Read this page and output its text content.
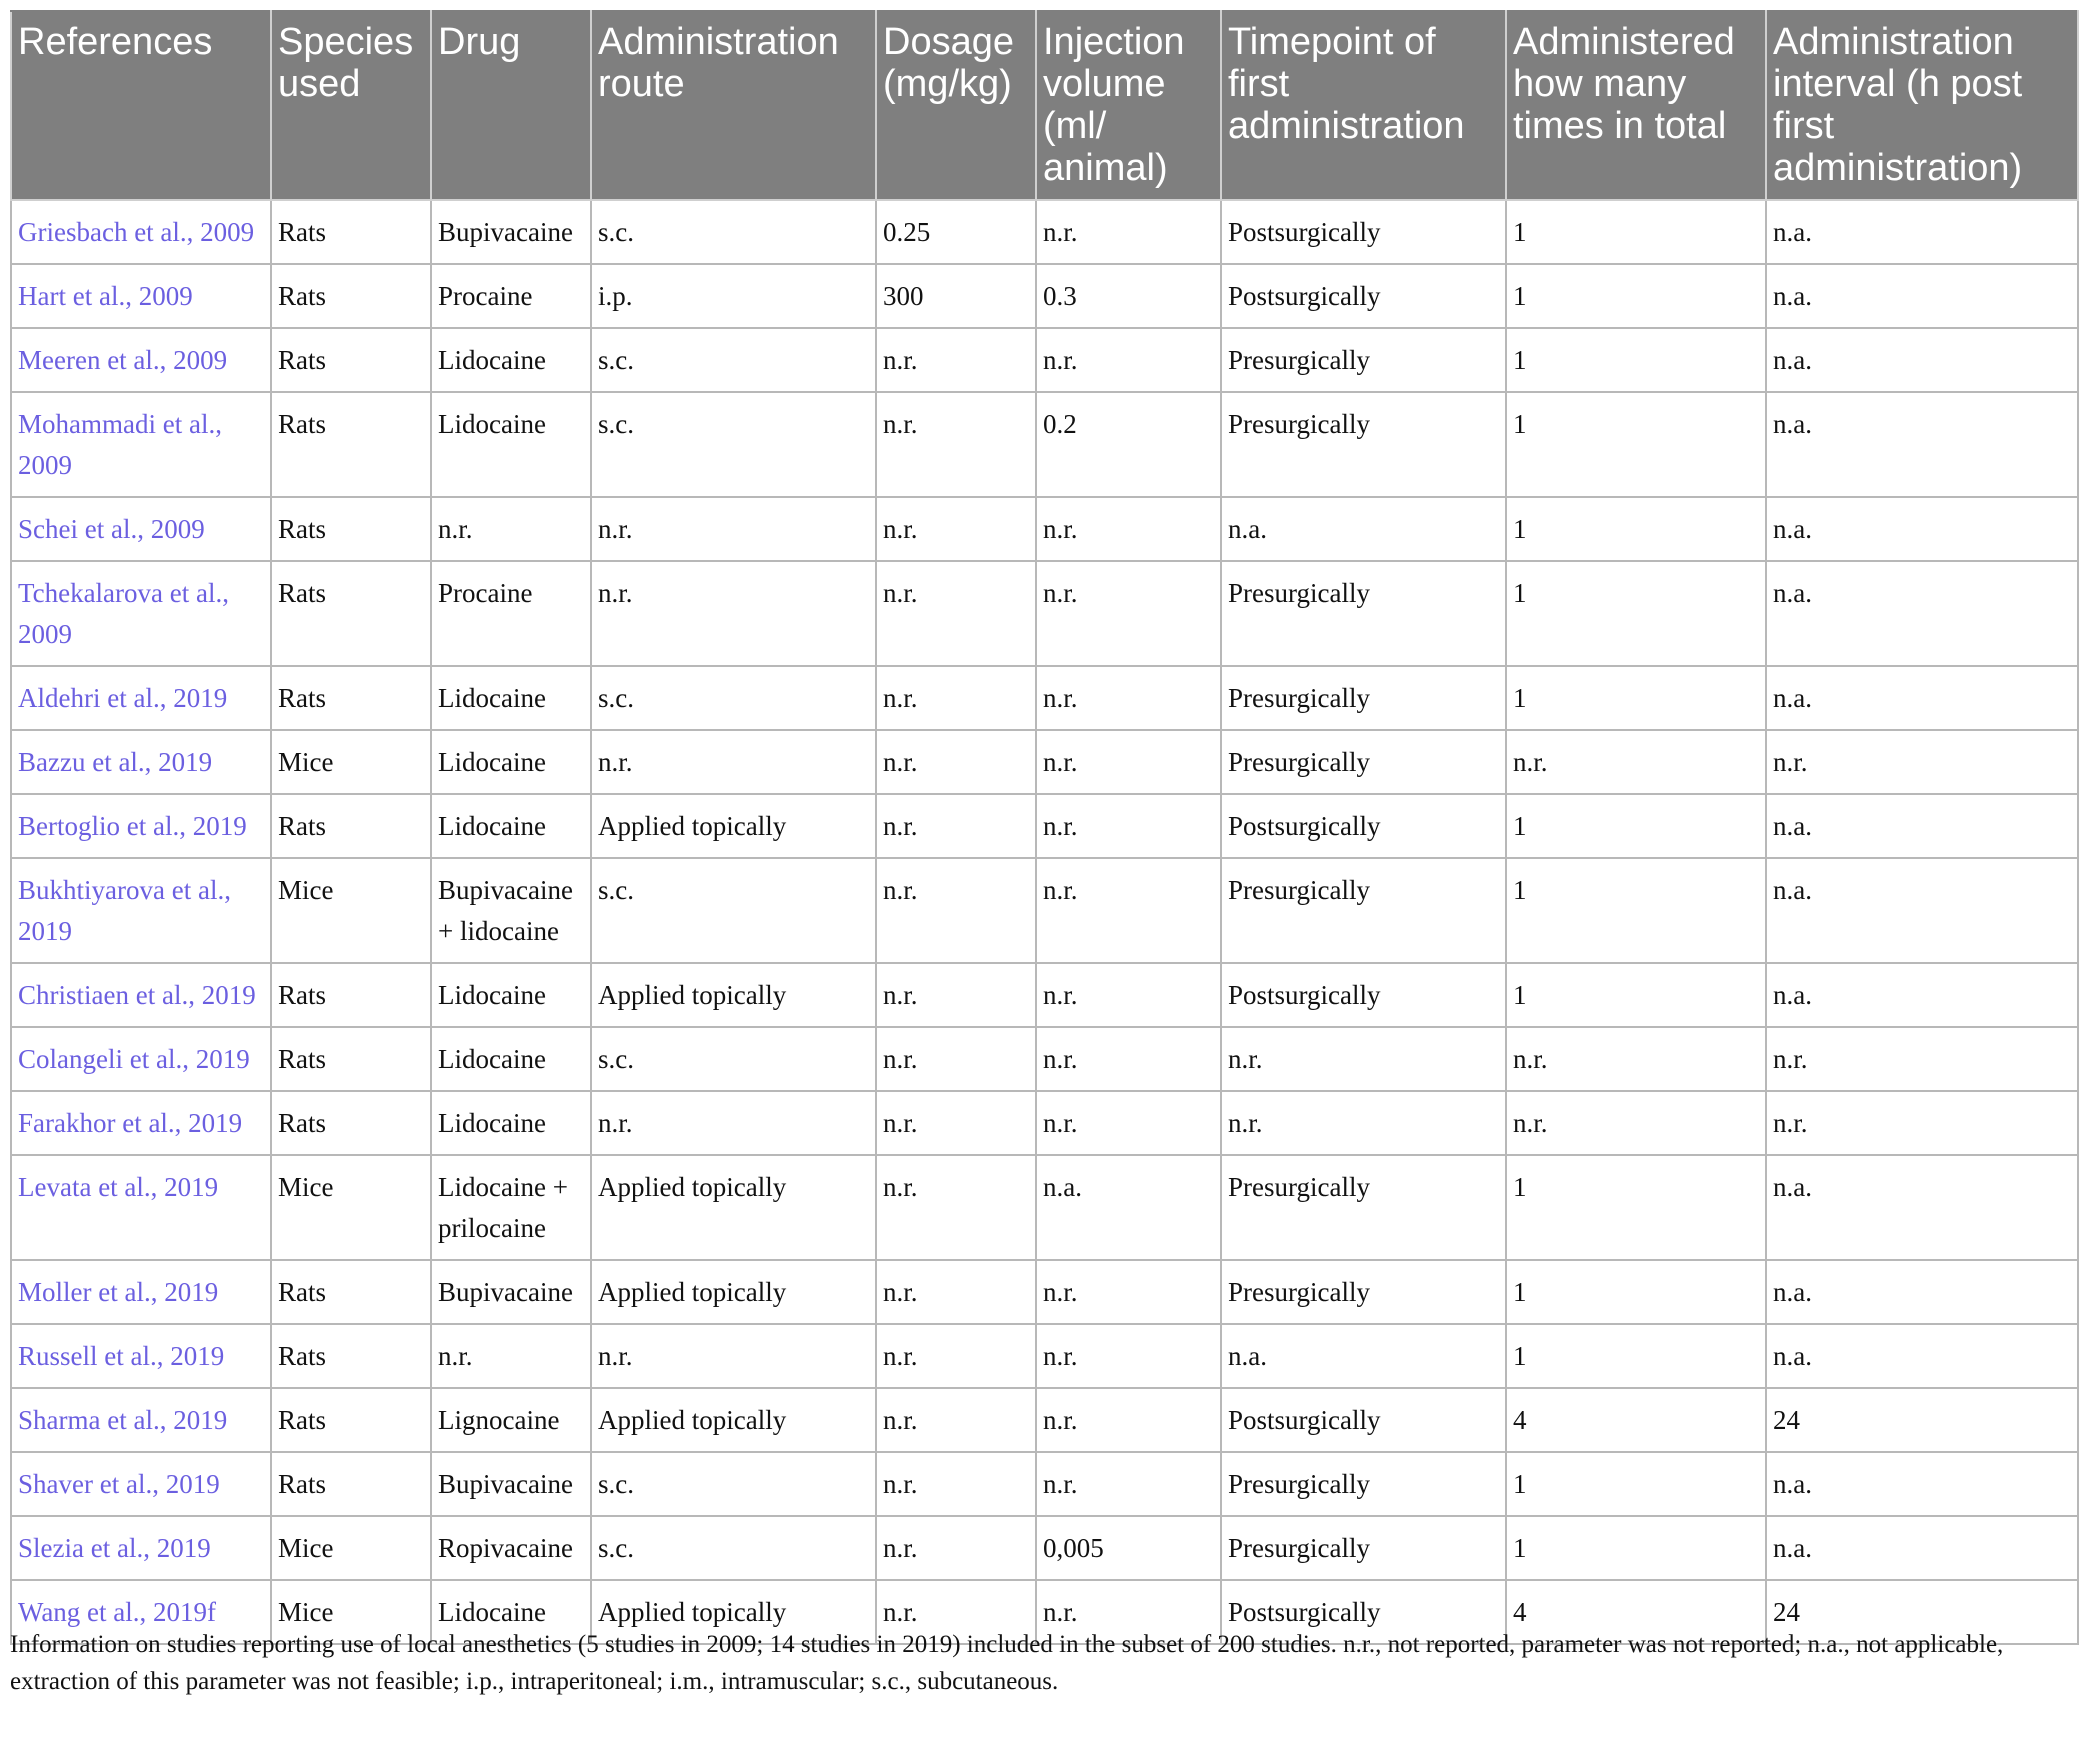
References	Species used	Drug	Administration route	Dosage (mg/kg)	Injection volume (ml/ animal)	Timepoint of first administration	Administered how many times in total	Administration interval (h post first administration)
Griesbach et al., 2009	Rats	Bupivacaine	s.c.	0.25	n.r.	Postsurgically	1	n.a.
Hart et al., 2009	Rats	Procaine	i.p.	300	0.3	Postsurgically	1	n.a.
Meeren et al., 2009	Rats	Lidocaine	s.c.	n.r.	n.r.	Presurgically	1	n.a.
Mohammadi et al., 2009	Rats	Lidocaine	s.c.	n.r.	0.2	Presurgically	1	n.a.
Schei et al., 2009	Rats	n.r.	n.r.	n.r.	n.r.	n.a.	1	n.a.
Tchekalarova et al., 2009	Rats	Procaine	n.r.	n.r.	n.r.	Presurgically	1	n.a.
Aldehri et al., 2019	Rats	Lidocaine	s.c.	n.r.	n.r.	Presurgically	1	n.a.
Bazzu et al., 2019	Mice	Lidocaine	n.r.	n.r.	n.r.	Presurgically	n.r.	n.r.
Bertoglio et al., 2019	Rats	Lidocaine	Applied topically	n.r.	n.r.	Postsurgically	1	n.a.
Bukhtiyarova et al., 2019	Mice	Bupivacaine + lidocaine	s.c.	n.r.	n.r.	Presurgically	1	n.a.
Christiaen et al., 2019	Rats	Lidocaine	Applied topically	n.r.	n.r.	Postsurgically	1	n.a.
Colangeli et al., 2019	Rats	Lidocaine	s.c.	n.r.	n.r.	n.r.	n.r.	n.r.
Farakhor et al., 2019	Rats	Lidocaine	n.r.	n.r.	n.r.	n.r.	n.r.	n.r.
Levata et al., 2019	Mice	Lidocaine + prilocaine	Applied topically	n.r.	n.a.	Presurgically	1	n.a.
Moller et al., 2019	Rats	Bupivacaine	Applied topically	n.r.	n.r.	Presurgically	1	n.a.
Russell et al., 2019	Rats	n.r.	n.r.	n.r.	n.r.	n.a.	1	n.a.
Sharma et al., 2019	Rats	Lignocaine	Applied topically	n.r.	n.r.	Postsurgically	4	24
Shaver et al., 2019	Rats	Bupivacaine	s.c.	n.r.	n.r.	Presurgically	1	n.a.
Slezia et al., 2019	Mice	Ropivacaine	s.c.	n.r.	0,005	Presurgically	1	n.a.
Wang et al., 2019f	Mice	Lidocaine	Applied topically	n.r.	n.r.	Postsurgically	4	24
Information on studies reporting use of local anesthetics (5 studies in 2009; 14 studies in 2019) included in the subset of 200 studies. n.r., not reported, parameter was not reported; n.a., not applicable, extraction of this parameter was not feasible; i.p., intraperitoneal; i.m., intramuscular; s.c., subcutaneous.
